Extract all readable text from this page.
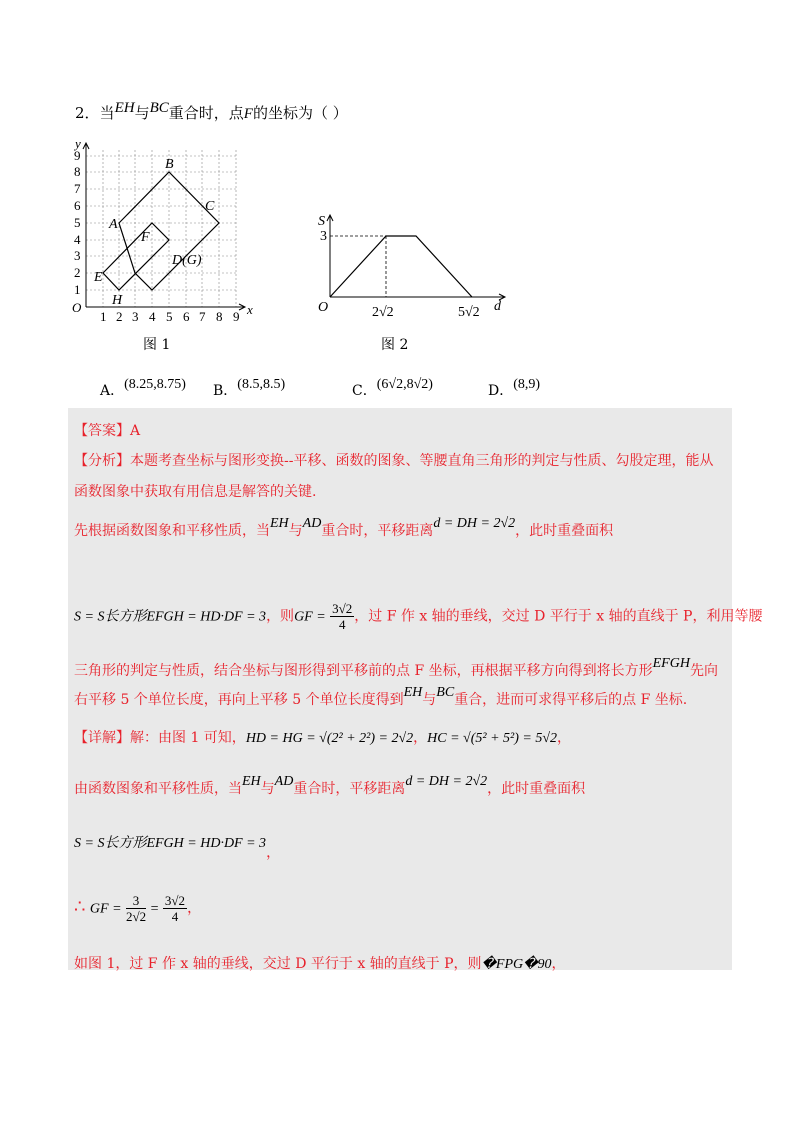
2．当EH与BC重合时，点F的坐标为（ ）
O	x
y
1 2 3 4 5 6 7 8 9
1
2
3
4
5
6
7
8
9
A
B
C
D(G)
E
F
H
图 1
S
3
O	d
2√2	5√2
图 2
A．(8.25,8.75) B．(8.5,8.5)	C．(6√2,8√2)	D．(8,9)
【答案】A
【分析】本题考查坐标与图形变换--平移、函数的图象、等腰直角三角形的判定与性质、勾股定理，能从
函数图象中获取有用信息是解答的关键.
先根据函数图象和平移性质，当EH与AD重合时，平移距离d = DH = 2√2，此时重叠面积
S = S长方形EFGH = HD·DF = 3，则GF = $\frac{3√2}{4}$ ，过 F 作 x 轴的垂线，交过 D 平行于 x 轴的直线于 P，利用等腰
三角形的判定与性质，结合坐标与图形得到平移前的点 F 坐标，再根据平移方向得到将长方形EFGH先向
右平移 5 个单位长度，再向上平移 5 个单位长度得到EH与BC重合，进而可求得平移后的点 F 坐标.
【详解】解：由图 1 可知，HD = HG = √(2² + 2²) = 2√2，HC = √(5² + 5²) = 5√2，
由函数图象和平移性质，当EH与AD重合时，平移距离d = DH = 2√2，此时重叠面积
S = S长方形EFGH = HD·DF = 3，
∴ GF = $\frac{3}{2√2} = \frac{3√2}{4}$ ，
如图 1，过 F 作 x 轴的垂线，交过 D 平行于 x 轴的直线于 P，则�FPG�90，
